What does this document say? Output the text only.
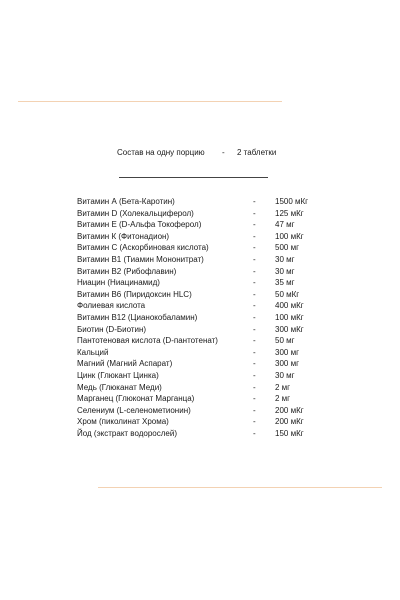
Состав на одну порцию - 2 таблетки
Витамин А (Бета-Каротин)	- 1500 мКг
Витамин D (Холекальциферол)	- 125 мКг
Витамин Е (D-Альфа Токоферол)	- 47 мг
Витамин К (Фитонадион)	- 100 мКг
Витамин С (Аскорбиновая кислота)	- 500 мг
Витамин B1 (Тиамин Мононитрат)	- 30 мг
Витамин B2 (Рибофлавин)	- 30 мг
Ниацин (Ниацинамид)	- 35 мг
Витамин B6 (Пиридоксин HLC)	- 50 мКг
Фолиевая кислота	- 400 мКг
Витамин B12 (Цианокобаламин)	- 100 мКг
Биотин (D-Биотин)	- 300 мКг
Пантотеновая кислота (D-пантотенат)	- 50 мг
Кальций	- 300 мг
Магний (Магний Аспарат)	- 300 мг
Цинк (Глюкант Цинка)	- 30 мг
Медь (Глюканат Меди)	- 2 мг
Марганец (Глюконат Марганца)	- 2 мг
Селениум (L-селенометионин)	- 200 мКг
Хром (пиколинат Хрома)	- 200 мКг
Йод (экстракт водорослей)	- 150 мКг
